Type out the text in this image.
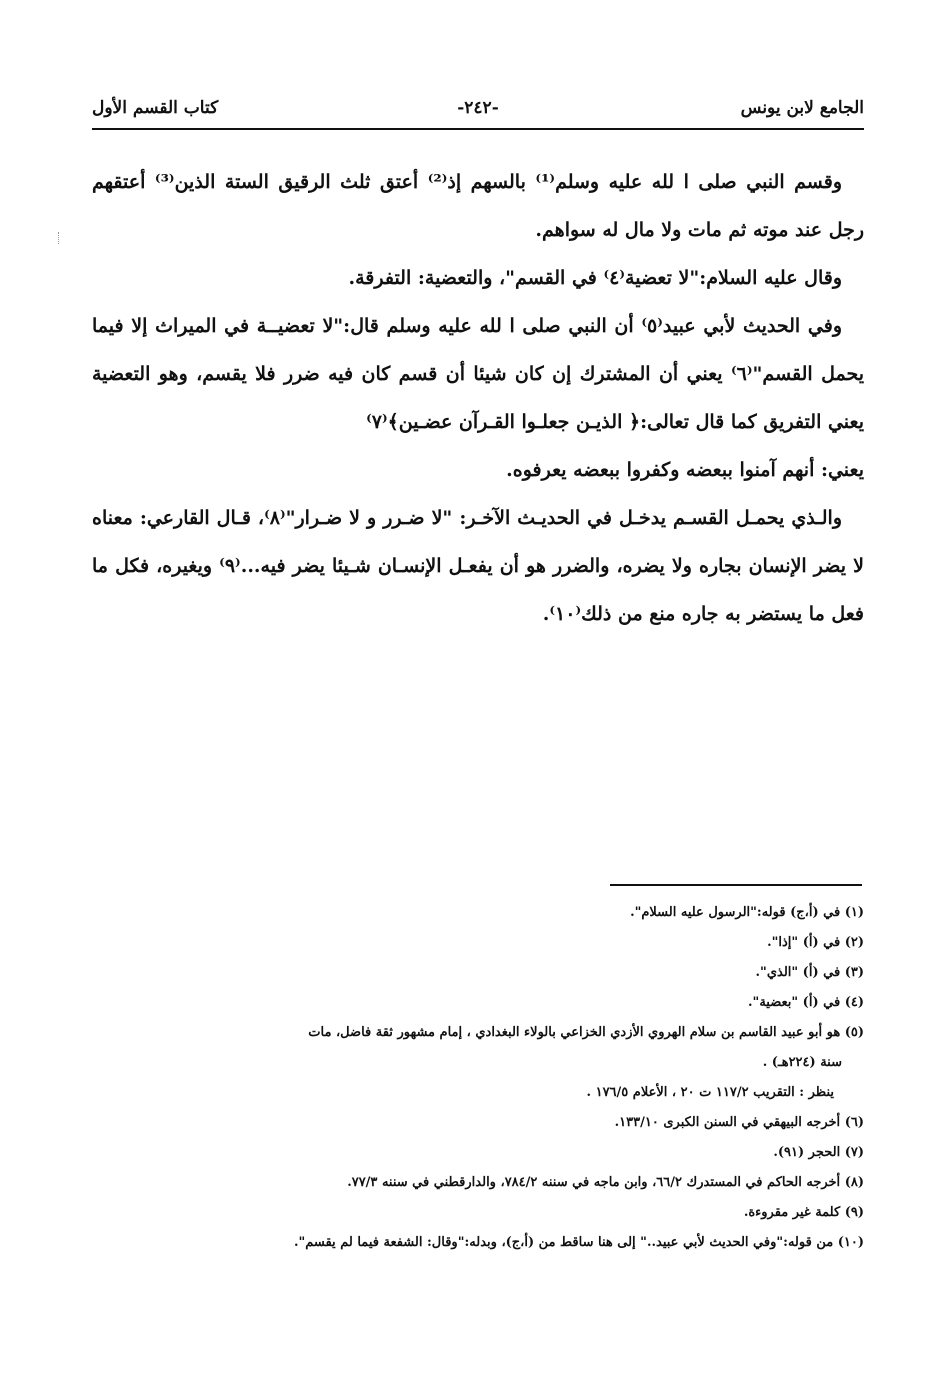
الجامع لابن يونس
-٢٤٢-
كتاب القسم الأول

وقسم النبي صلى ا لله عليه وسلم⁽¹⁾ بالسهم إذ⁽²⁾ أعتق ثلث الرقيق الستة الذين⁽³⁾ أعتقهم رجل عند موته ثم مات ولا مال له سواهم.

وقال عليه السلام:"لا تعضية⁽٤⁾ في القسم"، والتعضية: التفرقة.

وفي الحديث لأبي عبيد⁽٥⁾ أن النبي صلى ا لله عليه وسلم قال:"لا تعضيــة في الميراث إلا فيما يحمل القسم"⁽٦⁾ يعني أن المشترك إن كان شيئا أن قسم كان فيه ضرر فلا يقسم، وهو التعضية يعني التفريق كما قال تعالى:﴿ الذيـن جعلـوا القـرآن عضـين﴾⁽٧⁾

يعني: أنهم آمنوا ببعضه وكفروا ببعضه يعرفوه.

والـذي يحمـل القسـم يدخـل في الحديـث الآخـر: "لا ضـرر و لا ضـرار"⁽٨⁾، قـال القارعي: معناه لا يضر الإنسان بجاره ولا يضره، والضرر هو أن يفعـل الإنسـان شـيئا يضر فيه...⁽٩⁾ ويغيره، فكل ما فعل ما يستضر به جاره منع من ذلك⁽١٠⁾.

(١) في (أ،ج) قوله:"الرسول عليه السلام".

(٢) في (أ) "إذا".

(٣) في (أ) "الذي".

(٤) في (أ) "بعضية".

(٥) هو أبو عبيد القاسم بن سلام الهروي الأزدي الخزاعي بالولاء البغدادي ، إمام مشهور ثقة فاضل، مات

سنة (٢٢٤هـ) .

ينظر : التقريب ١١٧/٢ ت ٢٠ ، الأعلام ١٧٦/٥ .

(٦) أخرجه البيهقي في السنن الكبرى ١٣٣/١٠.

(٧) الحجر (٩١).

(٨) أخرجه الحاكم في المستدرك ٦٦/٢، وابن ماجه في سننه ٧٨٤/٢، والدارقطني في سننه ٧٧/٣.

(٩) كلمة غير مقروءة.

(١٠) من قوله:"وفي الحديث لأبي عبيد.." إلى هنا ساقط من (أ،ج)، وبدله:"وقال: الشفعة فيما لم يقسم".
